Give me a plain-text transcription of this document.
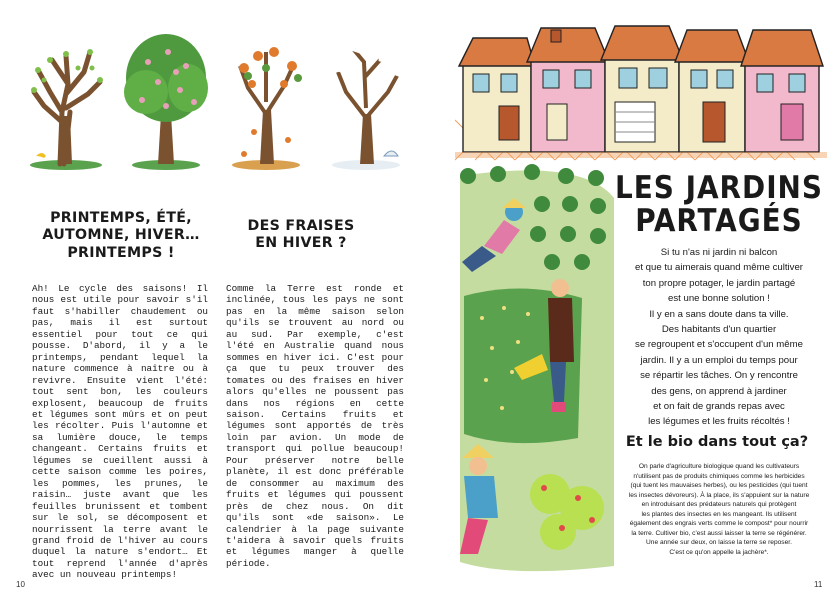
PRINTEMPS, ÉTÉ,
AUTOMNE, HIVER…
PRINTEMPS !
DES FRAISES
EN HIVER ?

Ah! Le cycle des saisons! Il nous est utile pour savoir s'il faut s'habiller chaudement ou pas, mais il est surtout essentiel pour tout ce qui pousse. D'abord, il y a le printemps, pendant lequel la nature commence à naître ou à revivre. Ensuite vient l'été: tout sent bon, les couleurs explosent, beaucoup de fruits et légumes sont mûrs et on peut les récolter. Puis l'automne et sa lumière douce, le temps changeant. Certains fruits et légumes se cueillent aussi à cette saison comme les poires, les pommes, les prunes, le raisin… juste avant que les feuilles brunissent et tombent sur le sol, se décomposent et nourrissent la terre avant le grand froid de l'hiver au cours duquel la nature s'endort… Et tout reprend l'année d'après avec un nouveau printemps!

Comme la Terre est ronde et inclinée, tous les pays ne sont pas en la même saison selon qu'ils se trouvent au nord ou au sud. Par exemple, c'est l'été en Australie quand nous sommes en hiver ici. C'est pour ça que tu peux trouver des tomates ou des fraises en hiver alors qu'elles ne poussent pas dans nos régions en cette saison. Certains fruits et légumes sont apportés de très loin par avion. Un mode de transport qui pollue beaucoup! Pour préserver notre belle planète, il est donc préférable de consommer au maximum des fruits et légumes qui poussent près de chez nous. On dit qu'ils sont «de saison». Le calendrier à la page suivante t'aidera à savoir quels fruits et légumes manger à quelle période.

10
LES JARDINS
PARTAGÉS
Si tu n'as ni jardin ni balcon
et que tu aimerais quand même cultiver
ton propre potager, le jardin partagé
est une bonne solution !
Il y en a sans doute dans ta ville.
Des habitants d'un quartier
se regroupent et s'occupent d'un même
jardin. Il y a un emploi du temps pour
se répartir les tâches. On y rencontre
des gens, on apprend à jardiner
et on fait de grands repas avec
les légumes et les fruits récoltés !
Et le bio dans tout ça?
On parle d'agriculture biologique quand les cultivateurs
n'utilisent pas de produits chimiques comme les herbicides
(qui tuent les mauvaises herbes), ou les pesticides (qui tuent
les insectes dévoreurs). À la place, ils s'appuient sur la nature
en introduisant des prédateurs naturels qui protègent
les plantes des insectes en les mangeant. Ils utilisent
également des engrais verts comme le compost* pour nourrir
la terre. Cultiver bio, c'est aussi laisser la terre se régénérer.
Une année sur deux, on laisse la terre se reposer.
C'est ce qu'on appelle la jachère*.
11
